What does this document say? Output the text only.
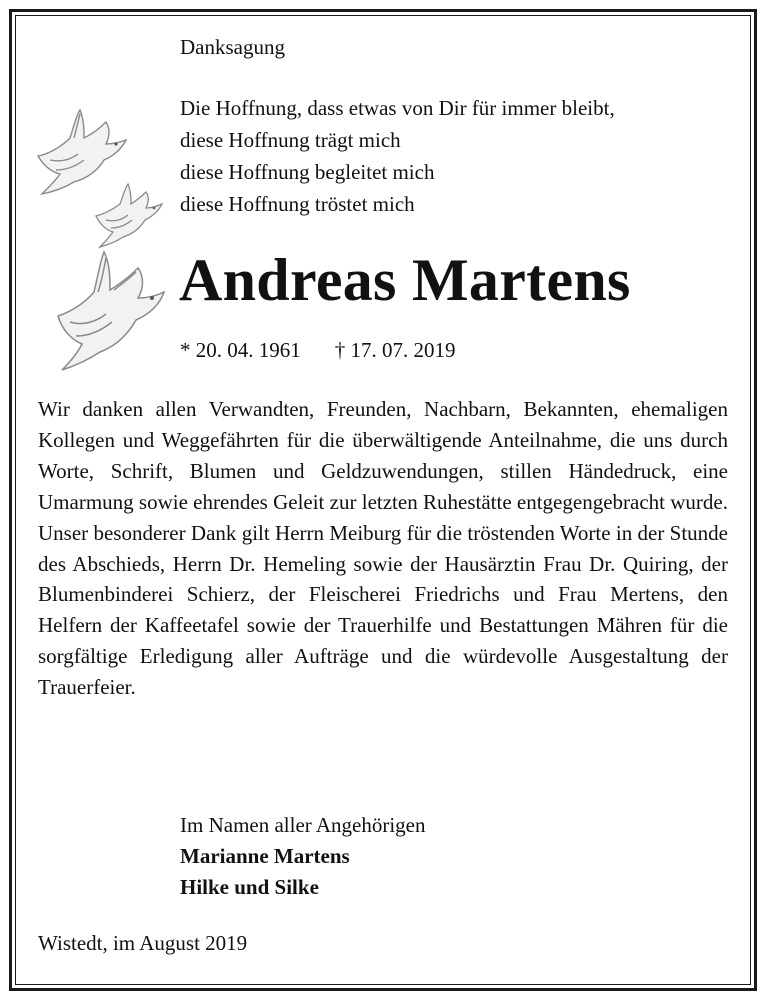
Danksagung
Die Hoffnung, dass etwas von Dir für immer bleibt,
diese Hoffnung trägt mich
diese Hoffnung begleitet mich
diese Hoffnung tröstet mich
Andreas Martens
* 20. 04. 1961 † 17. 07. 2019

Wir danken allen Verwandten, Freunden, Nachbarn, Bekannten, ehemaligen Kollegen und Weggefährten für die überwältigende Anteilnahme, die uns durch Worte, Schrift, Blumen und Geldzuwendungen, stillen Händedruck, eine Umarmung sowie ehrendes Geleit zur letzten Ruhestätte entgegengebracht wurde. Unser besonderer Dank gilt Herrn Meiburg für die tröstenden Worte in der Stunde des Abschieds, Herrn Dr. Hemeling sowie der Hausärztin Frau Dr. Quiring, der Blumenbinderei Schierz, der Fleischerei Friedrichs und Frau Mertens, den Helfern der Kaffeetafel sowie der Trauerhilfe und Bestattungen Mähren für die sorgfältige Erledigung aller Aufträge und die würdevolle Ausgestaltung der Trauerfeier.

Im Namen aller Angehörigen
Marianne Martens
Hilke und Silke
Wistedt, im August 2019
